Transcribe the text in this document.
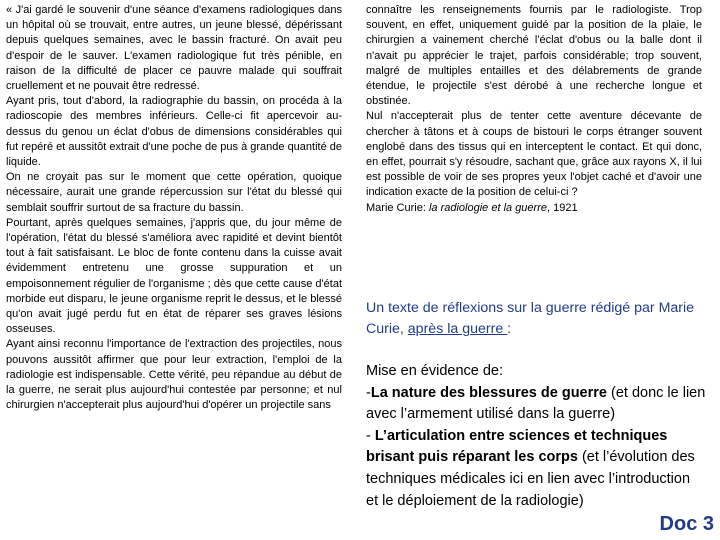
« J'ai gardé le souvenir d'une séance d'examens radiologiques dans un hôpital où se trouvait, entre autres, un jeune blessé, dépérissant depuis quelques semaines, avec le bassin fracturé. On avait peu d'espoir de le sauver. L'examen radiologique fut très pénible, en raison de la difficulté de placer ce pauvre malade qui souffrait cruellement et ne pouvait être redressé.

Ayant pris, tout d'abord, la radiographie du bassin, on procéda à la radioscopie des membres inférieurs. Celle-ci fit apercevoir au-dessus du genou un éclat d'obus de dimensions considérables qui fut repéré et aussitôt extrait d'une poche de pus à grande quantité de liquide.

On ne croyait pas sur le moment que cette opération, quoique nécessaire, aurait une grande répercussion sur l'état du blessé qui semblait souffrir surtout de sa fracture du bassin.

Pourtant, après quelques semaines, j'appris que, du jour même de l'opération, l'état du blessé s'améliora avec rapidité et devint bientôt tout à fait satisfaisant. Le bloc de fonte contenu dans la cuisse avait évidemment entretenu une grosse suppuration et un empoisonnement régulier de l'organisme ; dès que cette cause d'état morbide eut disparu, le jeune organisme reprit le dessus, et le blessé qu'on avait jugé perdu fut en état de réparer ses graves lésions osseuses.

Ayant ainsi reconnu l'importance de l'extraction des projectiles, nous pouvons aussitôt affirmer que pour leur extraction, l'emploi de la radiologie est indispensable. Cette vérité, peu répandue au début de la guerre, ne serait plus aujourd'hui contestée par personne; et nul chirurgien n'accepterait plus aujourd'hui d'opérer un projectile sans

connaître les renseignements fournis par le radiologiste. Trop souvent, en effet, uniquement guidé par la position de la plaie, le chirurgien a vainement cherché l'éclat d'obus ou la balle dont il n'avait pu apprécier le trajet, parfois considérable; trop souvent, malgré de multiples entailles et des délabrements de grande étendue, le projectile s'est dérobé à une recherche longue et obstinée.

Nul n'accepterait plus de tenter cette aventure décevante de chercher à tâtons et à coups de bistouri le corps étranger souvent englobé dans des tissus qui en interceptent le contact. Et qui donc, en effet, pourrait s'y résoudre, sachant que, grâce aux rayons X, il lui est possible de voir de ses propres yeux l'objet caché et d'avoir une indication exacte de la position de celui-ci ?

Marie Curie: la radiologie et la guerre, 1921

Un texte de réflexions sur la guerre rédigé par Marie Curie, après la guerre :

Mise en évidence de:

-La nature des blessures de guerre (et donc le lien avec l’armement utilisé dans la guerre)

- L’articulation entre sciences et techniques brisant puis réparant les corps (et l’évolution des techniques médicales ici en lien avec l’introduction et le déploiement de la radiologie)

Doc 3
